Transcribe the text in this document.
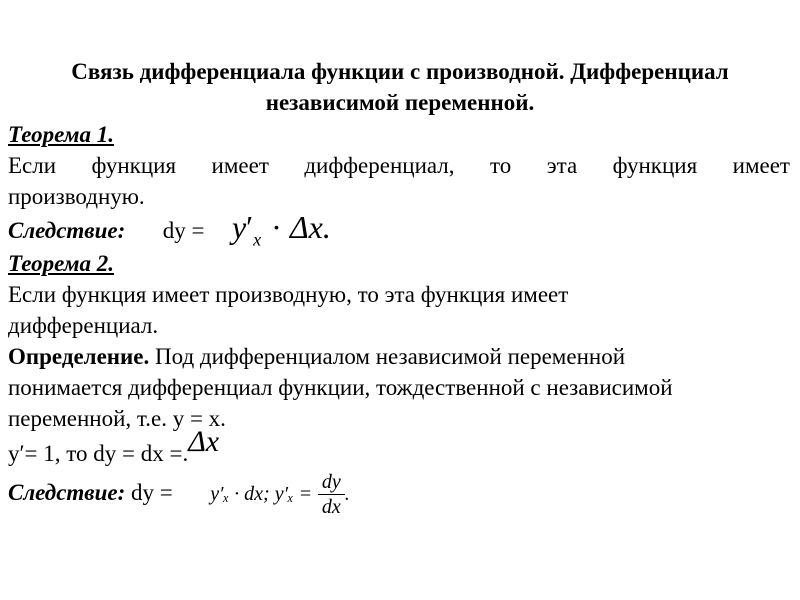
Связь дифференциала функции с производной. Дифференциал
независимой переменной.
Теорема 1.
Если функция имеет дифференциал, то эта функция имеет
производную.
Следствие: dy = $y'_x \cdot \Delta x$.
Теорема 2.
Если функция имеет производную, то эта функция имеет
дифференциал.
Определение. Под дифференциалом независимой переменной
понимается дифференциал функции, тождественной с независимой
переменной, т.е. y = x.
y′= 1, то dy = dx =.Δx
Следствие: dy = y′ₓ · dx; $y'_x = \frac{dy}{dx}$ .
